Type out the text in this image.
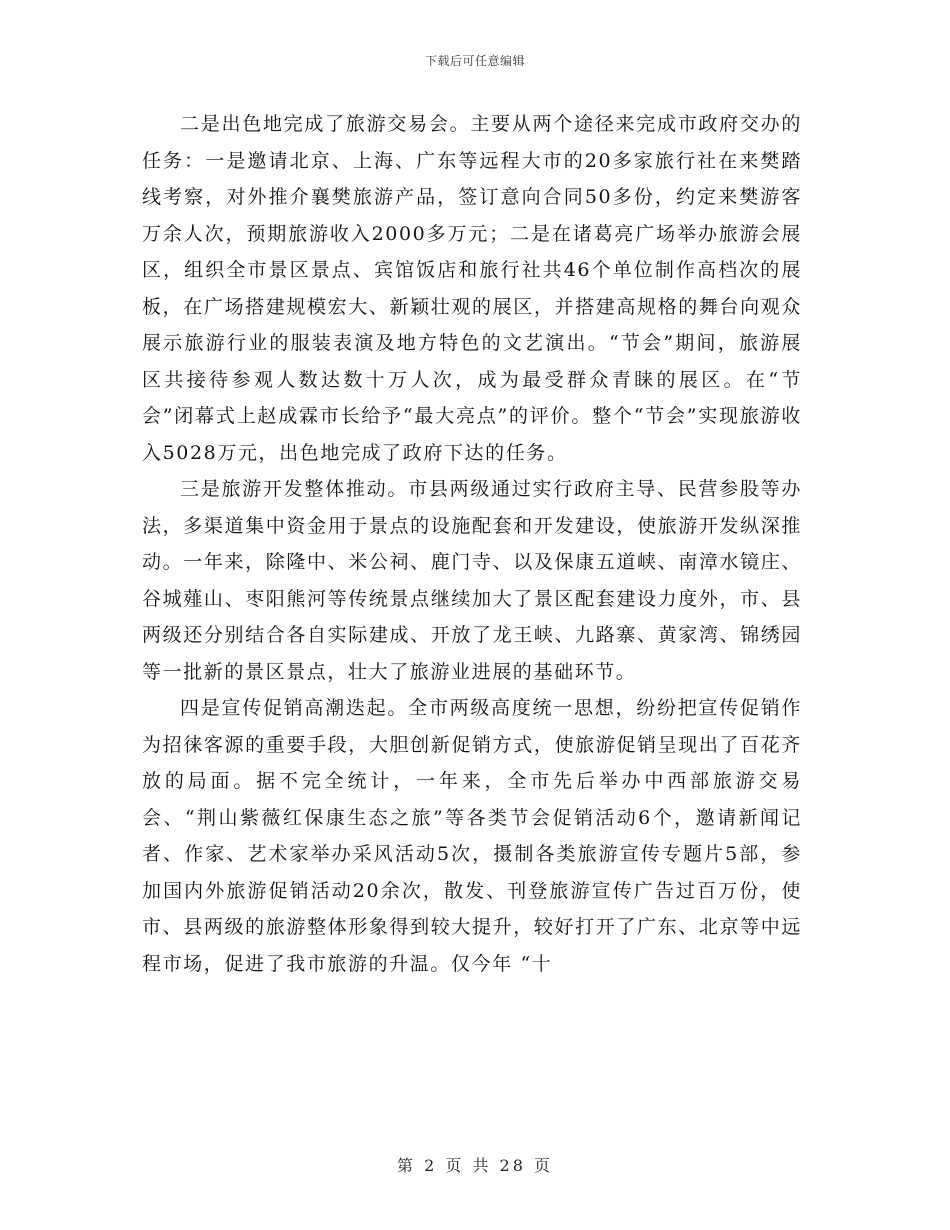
下载后可任意编辑

二是出色地完成了旅游交易会。主要从两个途径来完成市政府交办的任务：一是邀请北京、上海、广东等远程大市的20多家旅行社在来樊踏线考察，对外推介襄樊旅游产品，签订意向合同50多份，约定来樊游客万余人次，预期旅游收入2000多万元；二是在诸葛亮广场举办旅游会展区，组织全市景区景点、宾馆饭店和旅行社共46个单位制作高档次的展板，在广场搭建规模宏大、新颖壮观的展区，并搭建高规格的舞台向观众展示旅游行业的服装表演及地方特色的文艺演出。“节会”期间，旅游展区共接待参观人数达数十万人次，成为最受群众青睐的展区。在“节会”闭幕式上赵成霖市长给予“最大亮点”的评价。整个“节会”实现旅游收入5028万元，出色地完成了政府下达的任务。

三是旅游开发整体推动。市县两级通过实行政府主导、民营参股等办法，多渠道集中资金用于景点的设施配套和开发建设，使旅游开发纵深推动。一年来，除隆中、米公祠、鹿门寺、以及保康五道峡、南漳水镜庄、谷城薤山、枣阳熊河等传统景点继续加大了景区配套建设力度外，市、县两级还分别结合各自实际建成、开放了龙王峡、九路寨、黄家湾、锦绣园等一批新的景区景点，壮大了旅游业进展的基础环节。

四是宣传促销高潮迭起。全市两级高度统一思想，纷纷把宣传促销作为招徕客源的重要手段，大胆创新促销方式，使旅游促销呈现出了百花齐放的局面。据不完全统计，一年来，全市先后举办中西部旅游交易会、“荆山紫薇红保康生态之旅”等各类节会促销活动6个，邀请新闻记者、作家、艺术家举办采风活动5次，摄制各类旅游宣传专题片5部，参加国内外旅游促销活动20余次，散发、刊登旅游宣传广告过百万份，使市、县两级的旅游整体形象得到较大提升，较好打开了广东、北京等中远程市场，促进了我市旅游的升温。仅今年 “十

第 2 页 共 28 页
